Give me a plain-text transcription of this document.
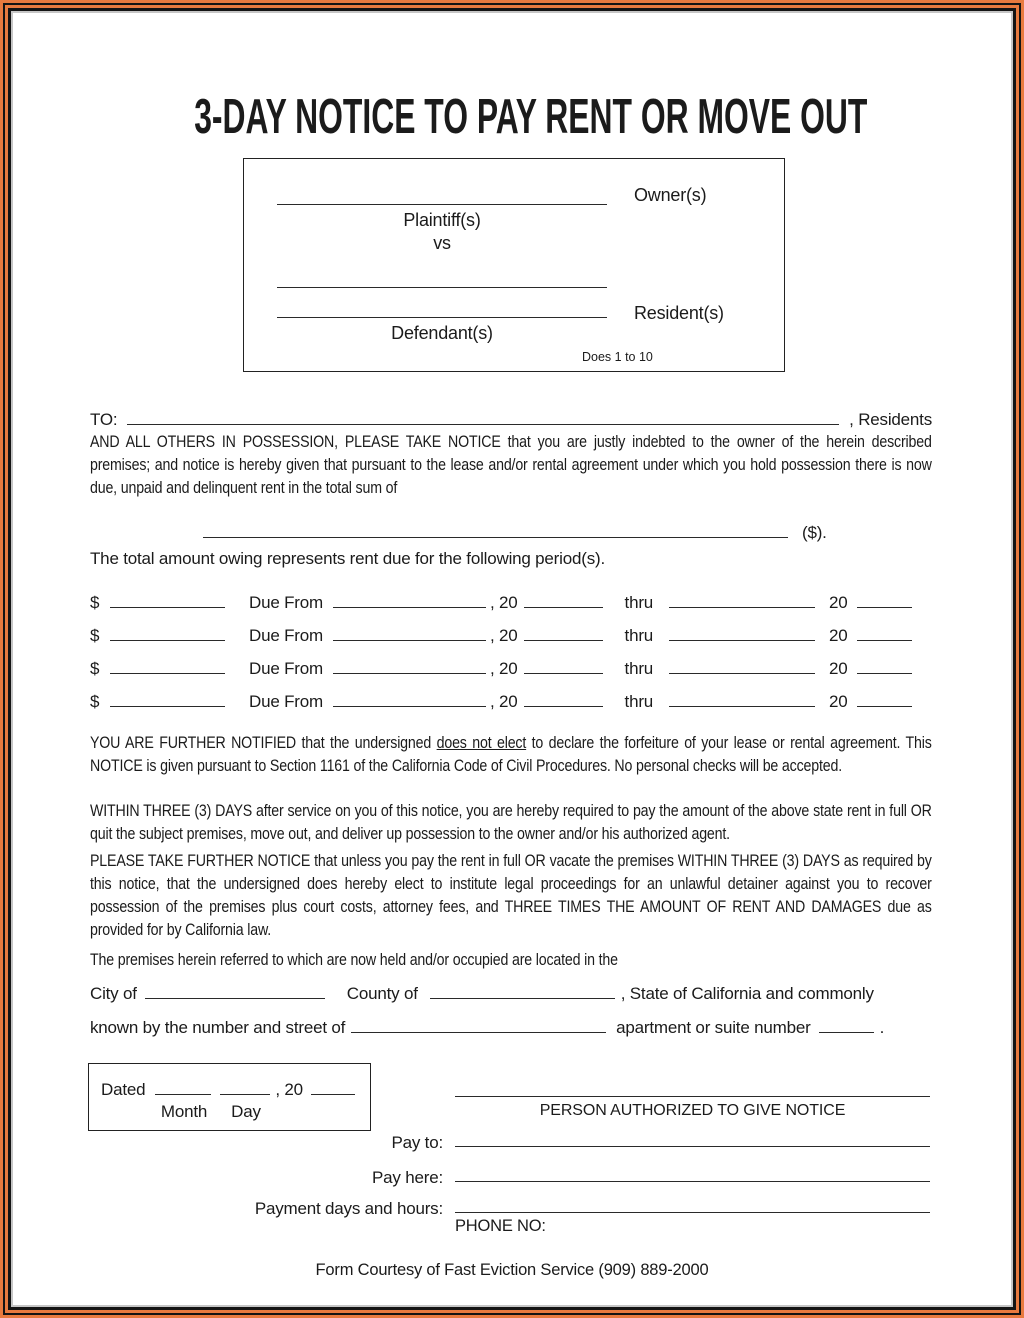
3-DAY NOTICE TO PAY RENT OR MOVE OUT
Owner(s)
Plaintiff(s)
vs
Resident(s)
Defendant(s)
Does 1 to 10
TO:	, Residents
AND ALL OTHERS IN POSSESSION, PLEASE TAKE NOTICE that you are justly indebted to the owner of the herein described premises; and notice is hereby given that pursuant to the lease and/or rental agreement under which you hold possession there is now due, unpaid and delinquent rent in the total sum of
($).
The total amount owing represents rent due for the following period(s).
$	Due From	, 20	thru	20
$	Due From	, 20	thru	20
$	Due From	, 20	thru	20
$	Due From	, 20	thru	20
YOU ARE FURTHER NOTIFIED that the undersigned does not elect to declare the forfeiture of your lease or rental agreement. This NOTICE is given pursuant to Section 1161 of the California Code of Civil Procedures. No personal checks will be accepted.
WITHIN THREE (3) DAYS after service on you of this notice, you are hereby required to pay the amount of the above state rent in full OR quit the subject premises, move out, and deliver up possession to the owner and/or his authorized agent.
PLEASE TAKE FURTHER NOTICE that unless you pay the rent in full OR vacate the premises WITHIN THREE (3) DAYS as required by this notice, that the undersigned does hereby elect to institute legal proceedings for an unlawful detainer against you to recover possession of the premises plus court costs, attorney fees, and THREE TIMES THE AMOUNT OF RENT AND DAMAGES due as provided for by California law.
The premises herein referred to which are now held and/or occupied are located in the
City of	County of	, State of California and commonly
known by the number and street of	apartment or suite number	.
Dated	, 20
Month	Day	PERSON AUTHORIZED TO GIVE NOTICE
Pay to:
Pay here:
Payment days and hours:
PHONE NO:
Form Courtesy of Fast Eviction Service (909) 889-2000
